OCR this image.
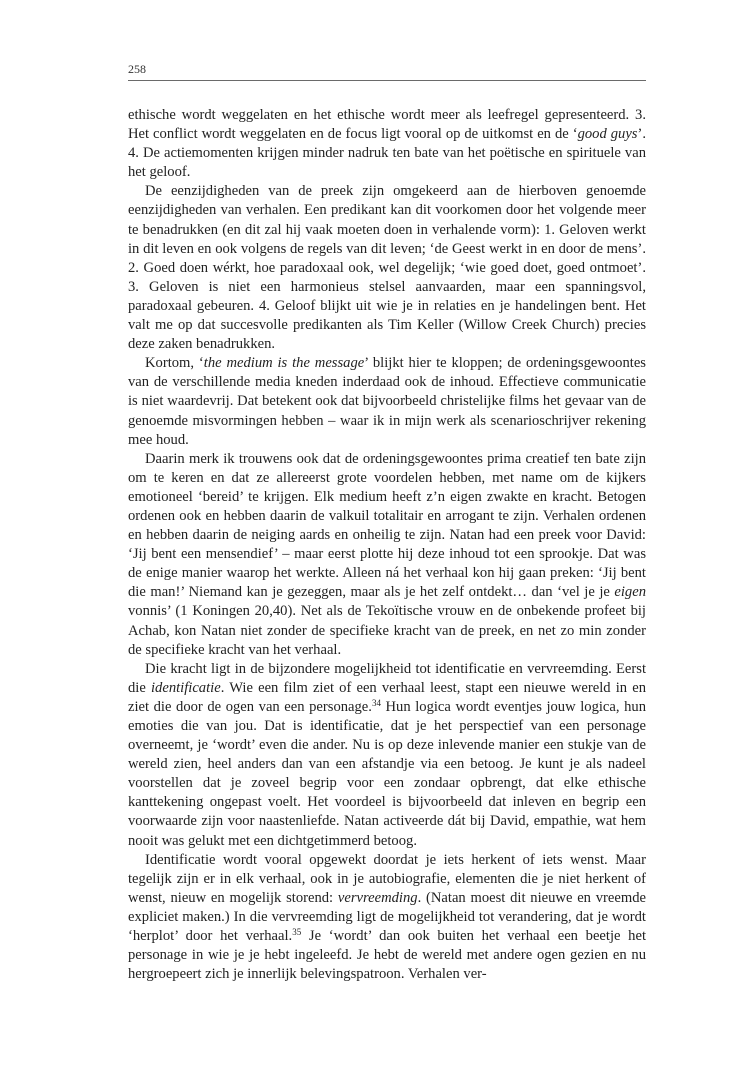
258

ethische wordt weggelaten en het ethische wordt meer als leefregel gepresenteerd. 3. Het conflict wordt weggelaten en de focus ligt vooral op de uitkomst en de ‘good guys’. 4. De actiemomenten krijgen minder nadruk ten bate van het poëtische en spirituele van het geloof.

De eenzijdigheden van de preek zijn omgekeerd aan de hierboven genoemde eenzijdigheden van verhalen. Een predikant kan dit voorkomen door het volgende meer te benadrukken (en dit zal hij vaak moeten doen in verhalende vorm): 1. Geloven werkt in dit leven en ook volgens de regels van dit leven; ‘de Geest werkt in en door de mens’. 2. Goed doen wérkt, hoe paradoxaal ook, wel degelijk; ‘wie goed doet, goed ontmoet’. 3. Geloven is niet een harmonieus stelsel aanvaarden, maar een spanningsvol, paradoxaal gebeuren. 4. Geloof blijkt uit wie je in relaties en je handelingen bent. Het valt me op dat succesvolle predikanten als Tim Keller (Willow Creek Church) precies deze zaken benadrukken.

Kortom, ‘the medium is the message’ blijkt hier te kloppen; de ordeningsgewoontes van de verschillende media kneden inderdaad ook de inhoud. Effectieve communicatie is niet waardevrij. Dat betekent ook dat bijvoorbeeld christelijke films het gevaar van de genoemde misvormingen hebben – waar ik in mijn werk als scenarioschrijver rekening mee houd.

Daarin merk ik trouwens ook dat de ordeningsgewoontes prima creatief ten bate zijn om te keren en dat ze allereerst grote voordelen hebben, met name om de kijkers emotioneel ‘bereid’ te krijgen. Elk medium heeft z’n eigen zwakte en kracht. Betogen ordenen ook en hebben daarin de valkuil totalitair en arrogant te zijn. Verhalen ordenen en hebben daarin de neiging aards en onheilig te zijn. Natan had een preek voor David: ‘Jij bent een mensendief’ – maar eerst plotte hij deze inhoud tot een sprookje. Dat was de enige manier waarop het werkte. Alleen ná het verhaal kon hij gaan preken: ‘Jij bent die man!’ Niemand kan je gezeggen, maar als je het zelf ontdekt… dan ‘vel je je eigen vonnis’ (1 Koningen 20,40). Net als de Tekoïtische vrouw en de onbekende profeet bij Achab, kon Natan niet zonder de specifieke kracht van de preek, en net zo min zonder de specifieke kracht van het verhaal.

Die kracht ligt in de bijzondere mogelijkheid tot identificatie en vervreemding. Eerst die identificatie. Wie een film ziet of een verhaal leest, stapt een nieuwe wereld in en ziet die door de ogen van een personage.$^{34}$ Hun logica wordt eventjes jouw logica, hun emoties die van jou. Dat is identificatie, dat je het perspectief van een personage overneemt, je ‘wordt’ even die ander. Nu is op deze inlevende manier een stukje van de wereld zien, heel anders dan van een afstandje via een betoog. Je kunt je als nadeel voorstellen dat je zoveel begrip voor een zondaar opbrengt, dat elke ethische kanttekening ongepast voelt. Het voordeel is bijvoorbeeld dat inleven en begrip een voorwaarde zijn voor naastenliefde. Natan activeerde dát bij David, empathie, wat hem nooit was gelukt met een dichtgetimmerd betoog.

Identificatie wordt vooral opgewekt doordat je iets herkent of iets wenst. Maar tegelijk zijn er in elk verhaal, ook in je autobiografie, elementen die je niet herkent of wenst, nieuw en mogelijk storend: vervreemding. (Natan moest dit nieuwe en vreemde expliciet maken.) In die vervreemding ligt de mogelijkheid tot verandering, dat je wordt ‘herplot’ door het verhaal.$^{35}$ Je ‘wordt’ dan ook buiten het verhaal een beetje het personage in wie je je hebt ingeleefd. Je hebt de wereld met andere ogen gezien en nu hergroepeert zich je innerlijk belevingspatroon. Verhalen ver-
